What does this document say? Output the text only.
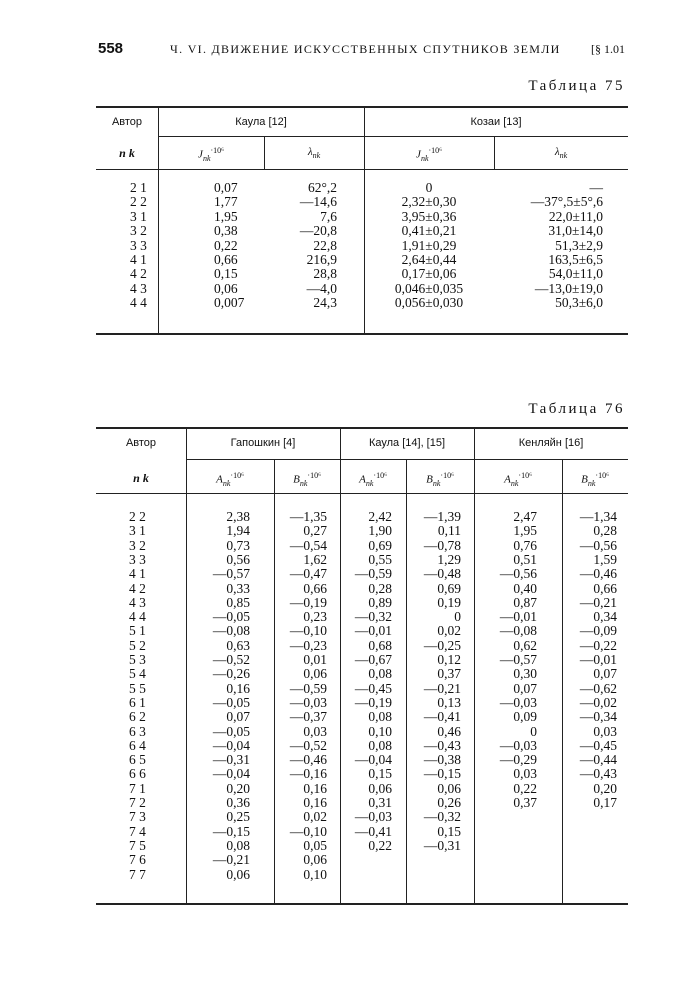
558	Ч. VI. ДВИЖЕНИЕ ИСКУССТВЕННЫХ СПУТНИКОВ ЗЕМЛИ	[§ 1.01
Таблица 75
Автор	Каула [12]	Козаи [13]
n k	$J_{nk}^{\cdot 10^6}$	$\lambda_{nk}$	$J_{nk}^{\cdot 10^6}$	$\lambda_{nk}$
2 1	0,07	62°,2	0	—
2 2	1,77	—14,6	2,32±0,30	—37°,5±5°,6
3 1	1,95	7,6	3,95±0,36	22,0±11,0
3 2	0,38	—20,8	0,41±0,21	31,0±14,0
3 3	0,22	22,8	1,91±0,29	51,3±2,9
4 1	0,66	216,9	2,64±0,44	163,5±6,5
4 2	0,15	28,8	0,17±0,06	54,0±11,0
4 3	0,06	—4,0	0,046±0,035	—13,0±19,0
4 4	0,007	24,3	0,056±0,030	50,3±6,0
Таблица 76
Автор	Гапошкин [4]	Каула [14], [15]	Кенляйн [16]
n k	$A_{nk}^{\cdot 10^6}$	$B_{nk}^{\cdot 10^6}$	$A_{nk}^{\cdot 10^6}$	$B_{nk}^{\cdot 10^6}$	$A_{nk}^{\cdot 10^6}$	$B_{nk}^{\cdot 10^6}$
2 2	2,38	—1,35	2,42	—1,39	2,47	—1,34
3 1	1,94	0,27	1,90	0,11	1,95	0,28
3 2	0,73	—0,54	0,69	—0,78	0,76	—0,56
3 3	0,56	1,62	0,55	1,29	0,51	1,59
4 1	—0,57	—0,47	—0,59	—0,48	—0,56	—0,46
4 2	0,33	0,66	0,28	0,69	0,40	0,66
4 3	0,85	—0,19	0,89	0,19	0,87	—0,21
4 4	—0,05	0,23	—0,32	0	—0,01	0,34
5 1	—0,08	—0,10	—0,01	0,02	—0,08	—0,09
5 2	0,63	—0,23	0,68	—0,25	0,62	—0,22
5 3	—0,52	0,01	—0,67	0,12	—0,57	—0,01
5 4	—0,26	0,06	0,08	0,37	0,30	0,07
5 5	0,16	—0,59	—0,45	—0,21	0,07	—0,62
6 1	—0,05	—0,03	—0,19	0,13	—0,03	—0,02
6 2	0,07	—0,37	0,08	—0,41	0,09	—0,34
6 3	—0,05	0,03	0,10	0,46	0	0,03
6 4	—0,04	—0,52	0,08	—0,43	—0,03	—0,45
6 5	—0,31	—0,46	—0,04	—0,38	—0,29	—0,44
6 6	—0,04	—0,16	0,15	—0,15	0,03	—0,43
7 1	0,20	0,16	0,06	0,06	0,22	0,20
7 2	0,36	0,16	0,31	0,26	0,37	0,17
7 3	0,25	0,02	—0,03	—0,32
7 4	—0,15	—0,10	—0,41	0,15
7 5	0,08	0,05	0,22	—0,31
7 6	—0,21	0,06
7 7	0,06	0,10
